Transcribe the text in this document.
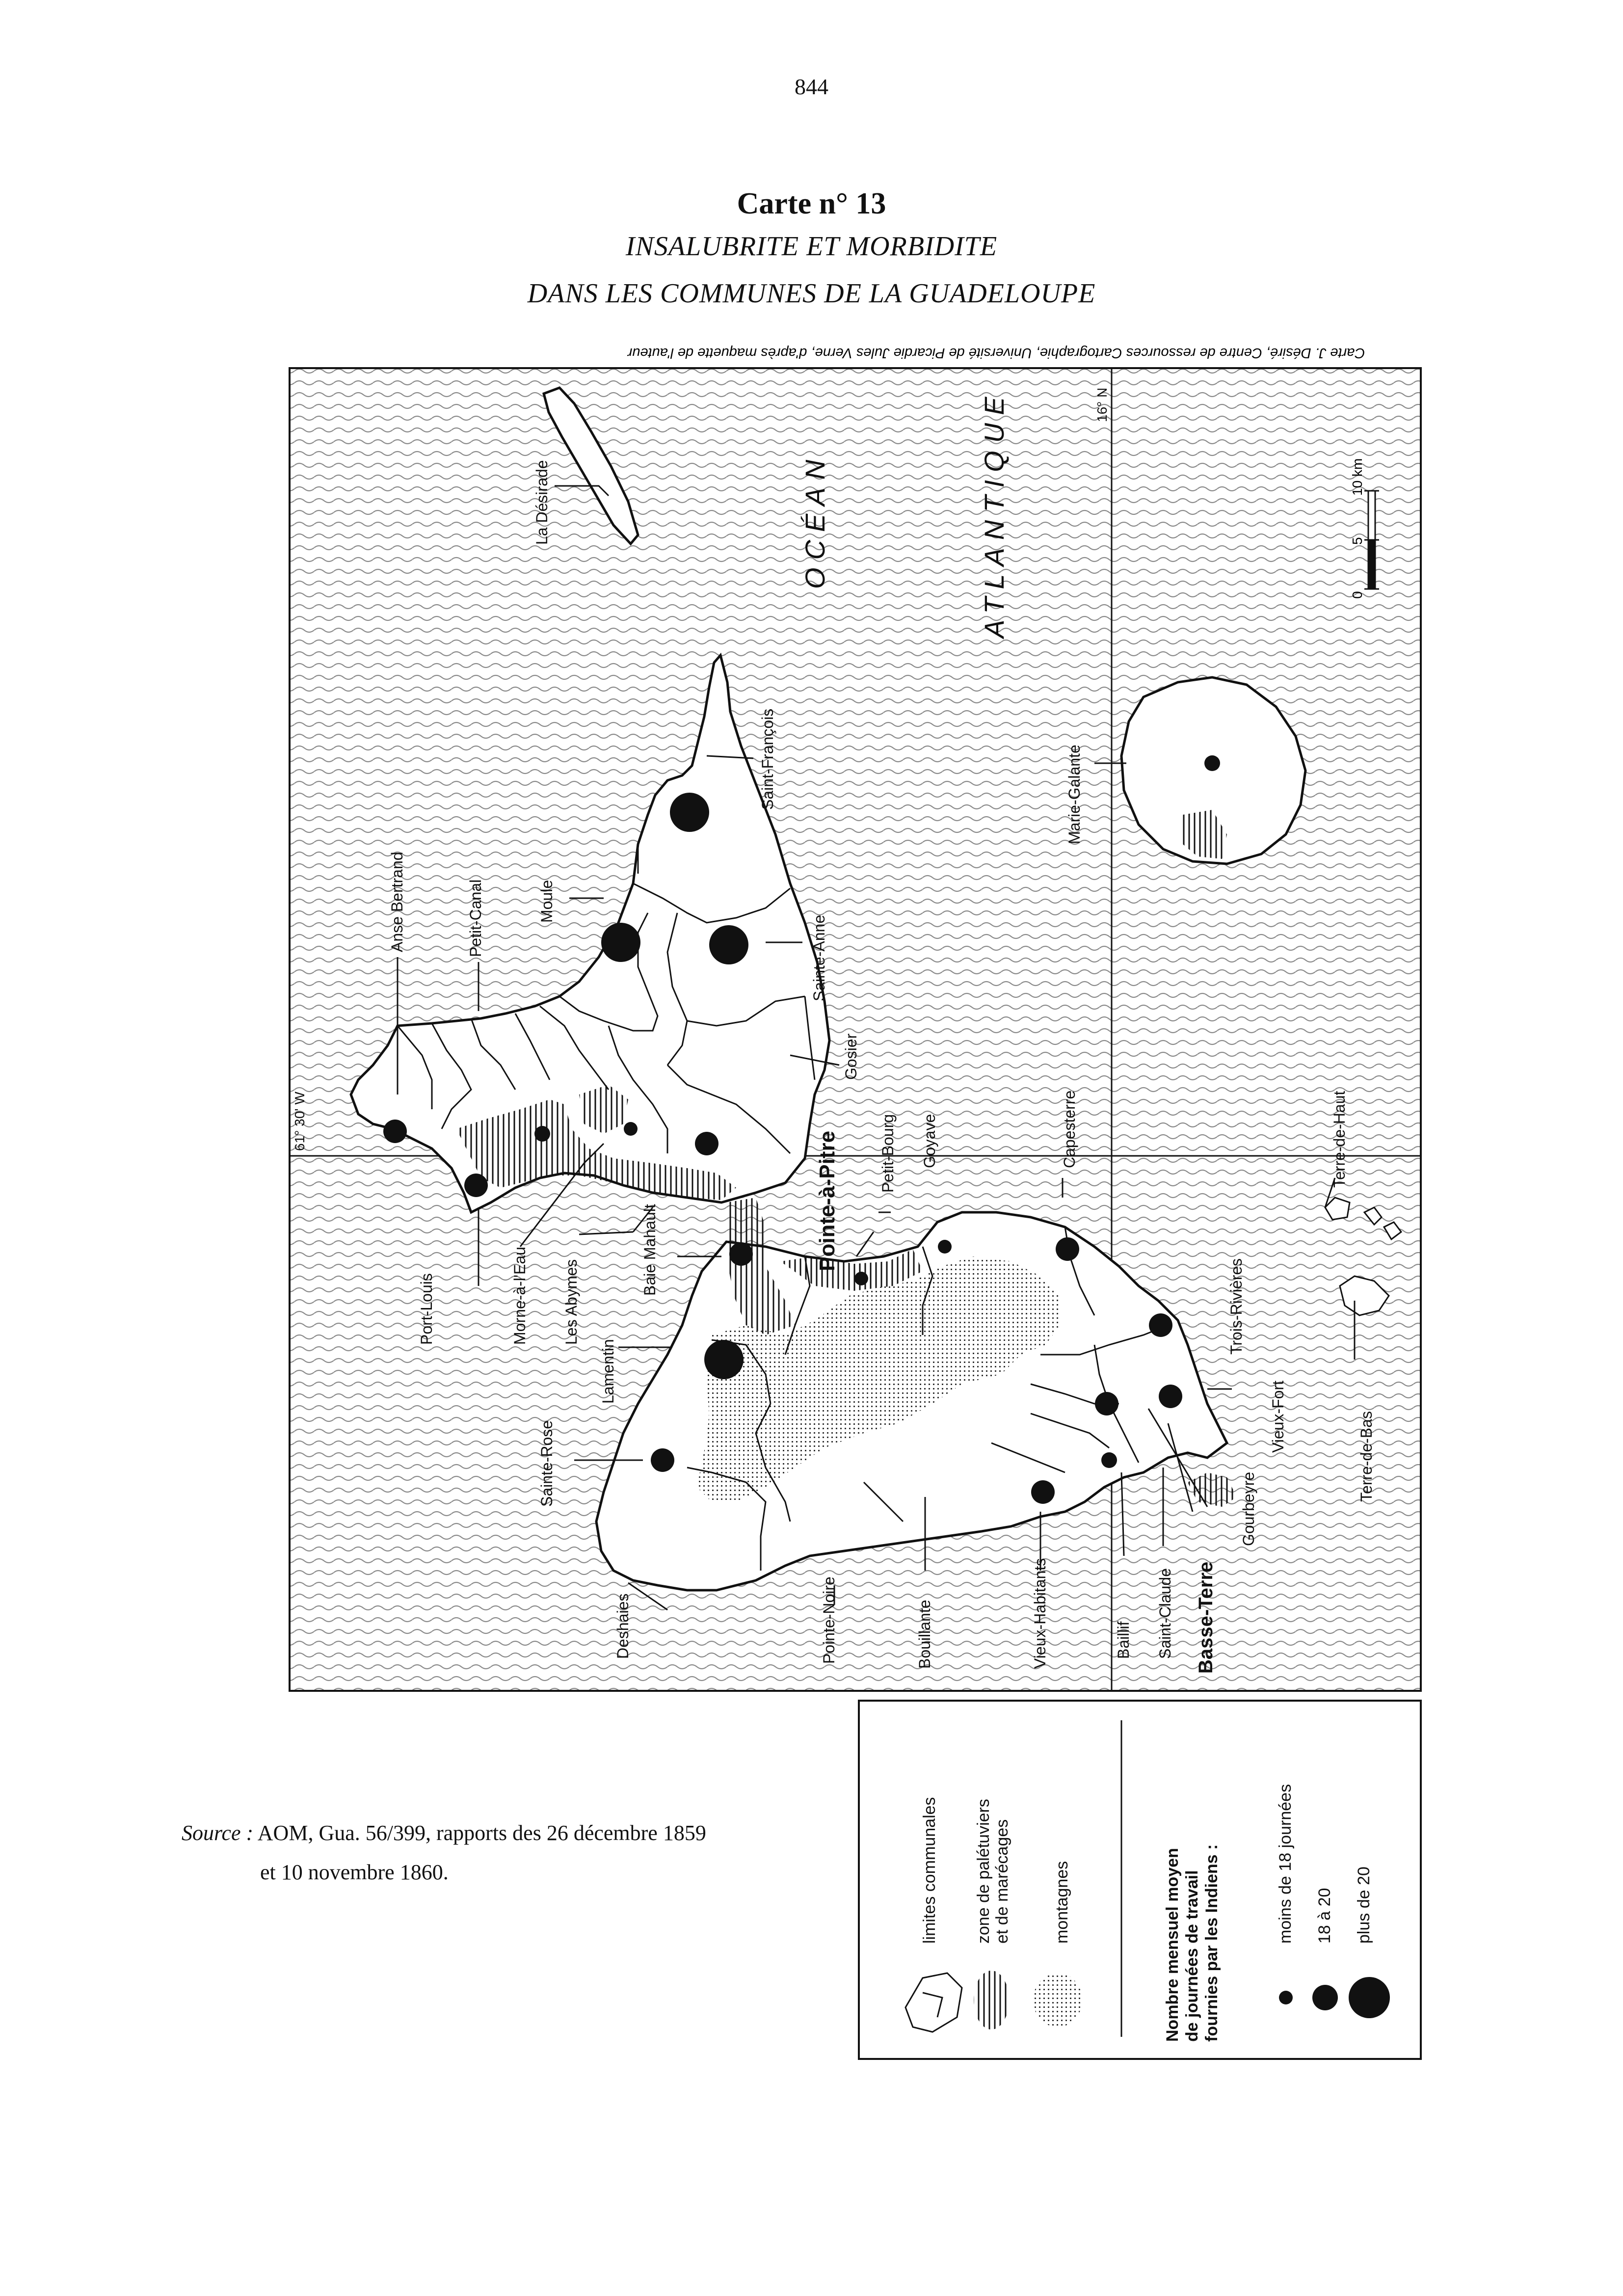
844
Carte n° 13
INSALUBRITE ET MORBIDITE
DANS LES COMMUNES DE LA GUADELOUPE
Carte J. Désiré, Centre de ressources Cartographie, Université de Picardie Jules Verne, d'après maquette de l'auteur
La Désirade
Saint-François
Anse Bertrand	Petit-Canal	Moule
Sainte-Anne
Gosier
Port-Louis	Morne-à-l'Eau Les Abymes
Pointe-à-Pitre	Petit-Bourg Goyave	Capesterre
Baie Mahault
Lamentin
Sainte-Rose
Deshaies	Pointe-Noire	Bouillante	Vieux-Habitants	Baillif Saint-Claude Basse-Terre
Gourbeyre
Vieux-Fort
Trois-Rivières
Terre-de-Bas
Terre-de-Haut
Marie-Galante
OCÉAN	ATLANTIQUE
61° 30' W
16° N
0
5
10 km
limites communales zone de palétuviers et de marécages montagnes	Nombre mensuel moyen de journées de travail fournies par les Indiens :	moins de 18 journées 18 à 20 plus de 20
Source : AOM, Gua. 56/399, rapports des 26 décembre 1859
et 10 novembre 1860.
